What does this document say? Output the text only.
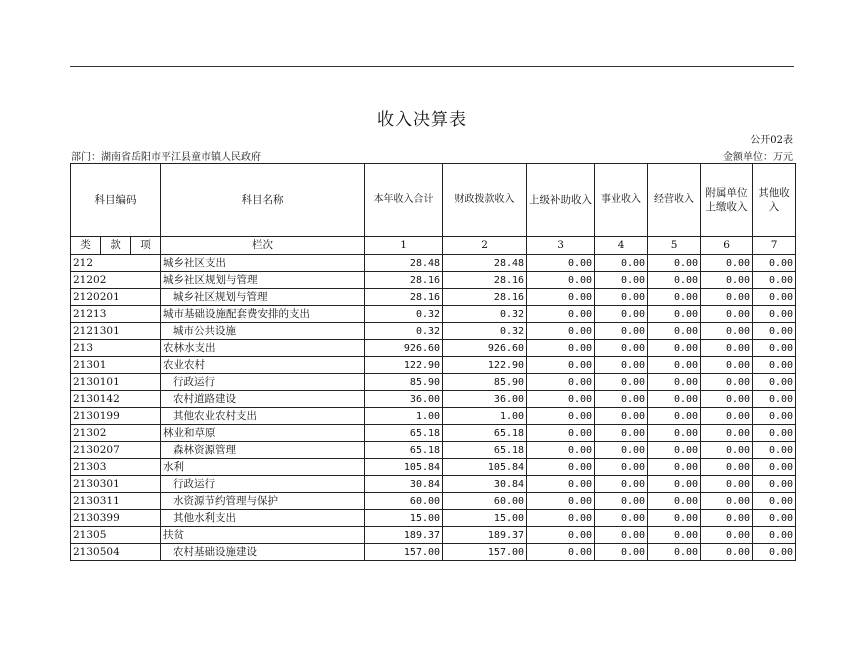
收入决算表
公开02表
部门：湖南省岳阳市平江县童市镇人民政府	金额单位：万元
科目编码			科目名称	本年收入合计	财政拨款收入	上级补助收入	事业收入	经营收入	附属单位上缴收入	其他收入
类	款	项	栏次	1	2	3	4	5	6	7
212			城乡社区支出	28.48	28.48	0.00	0.00	0.00	0.00	0.00
21202			城乡社区规划与管理	28.16	28.16	0.00	0.00	0.00	0.00	0.00
2120201			城乡社区规划与管理	28.16	28.16	0.00	0.00	0.00	0.00	0.00
21213			城市基础设施配套费安排的支出	0.32	0.32	0.00	0.00	0.00	0.00	0.00
2121301			城市公共设施	0.32	0.32	0.00	0.00	0.00	0.00	0.00
213			农林水支出	926.60	926.60	0.00	0.00	0.00	0.00	0.00
21301			农业农村	122.90	122.90	0.00	0.00	0.00	0.00	0.00
2130101			行政运行	85.90	85.90	0.00	0.00	0.00	0.00	0.00
2130142			农村道路建设	36.00	36.00	0.00	0.00	0.00	0.00	0.00
2130199			其他农业农村支出	1.00	1.00	0.00	0.00	0.00	0.00	0.00
21302			林业和草原	65.18	65.18	0.00	0.00	0.00	0.00	0.00
2130207			森林资源管理	65.18	65.18	0.00	0.00	0.00	0.00	0.00
21303			水利	105.84	105.84	0.00	0.00	0.00	0.00	0.00
2130301			行政运行	30.84	30.84	0.00	0.00	0.00	0.00	0.00
2130311			水资源节约管理与保护	60.00	60.00	0.00	0.00	0.00	0.00	0.00
2130399			其他水利支出	15.00	15.00	0.00	0.00	0.00	0.00	0.00
21305			扶贫	189.37	189.37	0.00	0.00	0.00	0.00	0.00
2130504			农村基础设施建设	157.00	157.00	0.00	0.00	0.00	0.00	0.00
